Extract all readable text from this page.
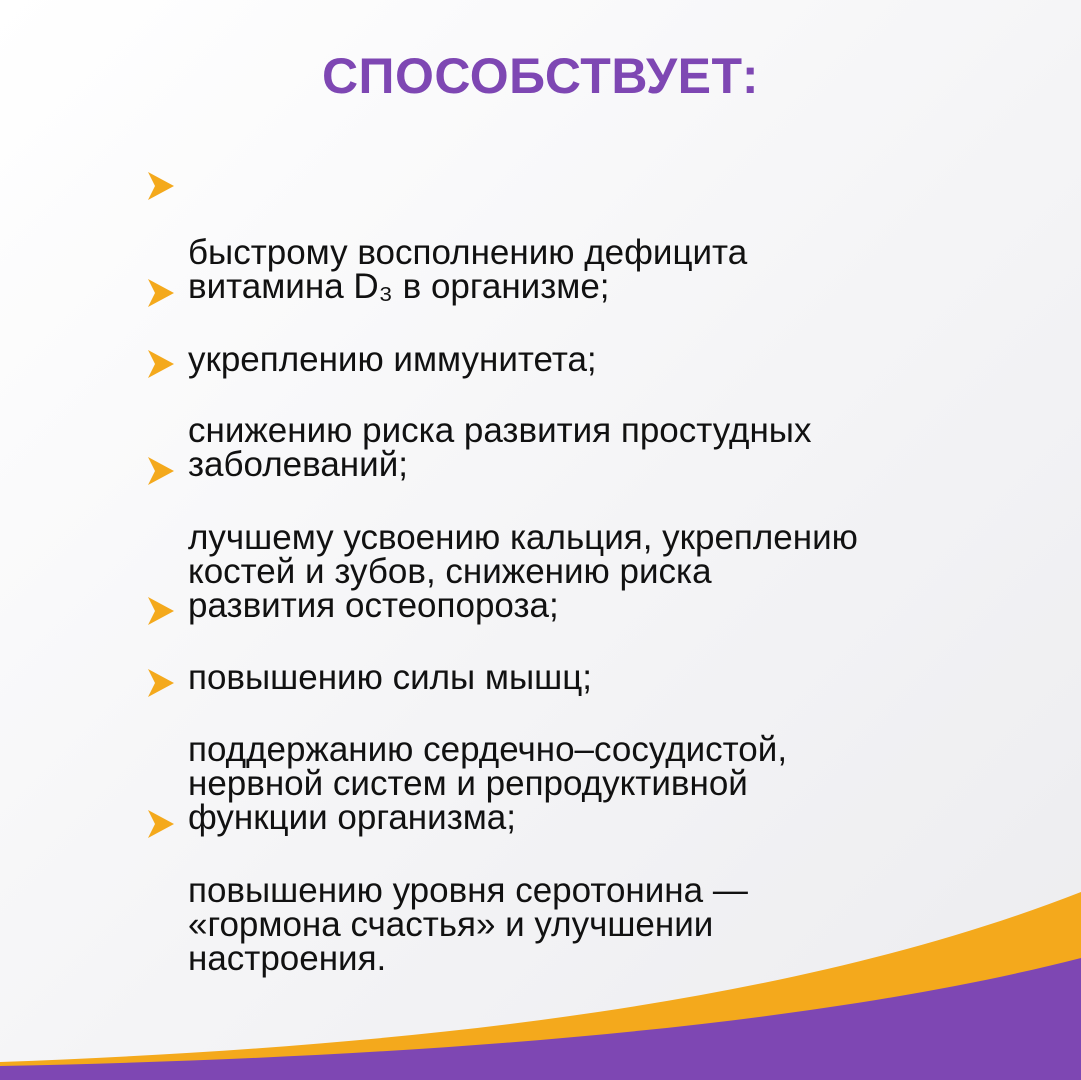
СПОСОБСТВУЕТ:

быстрому восполнению дефицита
витамина D₃ в организме;

укреплению иммунитета;

снижению риска развития простудных
заболеваний;

лучшему усвоению кальция, укреплению
костей и зубов, снижению риска
развития остеопороза;

повышению силы мышц;

поддержанию сердечно–сосудистой,
нервной систем и репродуктивной
функции организма;

повышению уровня серотонина —
«гормона счастья» и улучшении
настроения.
